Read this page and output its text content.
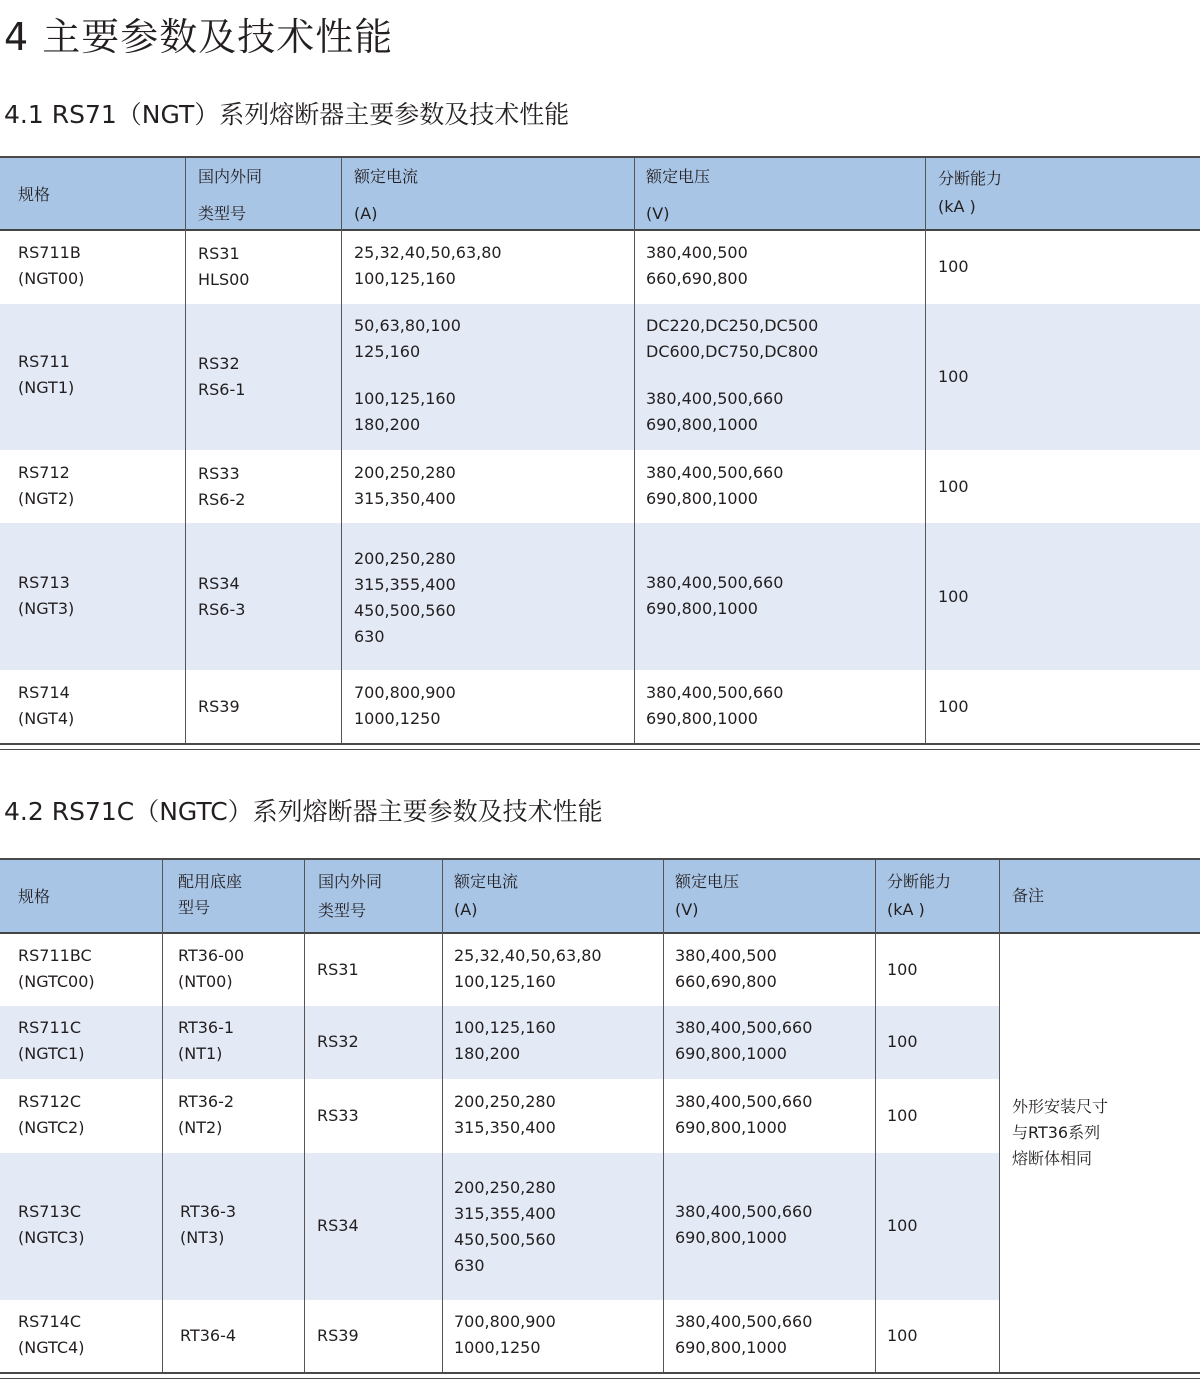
4 主要参数及技术性能
4.1 RS71（NGT）系列熔断器主要参数及技术性能
规格
国内外同
类型号
额定电流
(A)
额定电压
(V)
分断能力
(kA )
RS711B
(NGT00)
RS31
HLS00
25,32,40,50,63,80
100,125,160
380,400,500
660,690,800
100
RS711
(NGT1)
RS32
RS6-1
50,63,80,100
125,160
100,125,160
180,200
DC220,DC250,DC500
DC600,DC750,DC800
380,400,500,660
690,800,1000
100
RS712
(NGT2)
RS33
RS6-2
200,250,280
315,350,400
380,400,500,660
690,800,1000
100
RS713
(NGT3)
RS34
RS6-3
200,250,280
315,355,400
450,500,560
630
380,400,500,660
690,800,1000
100
RS714
(NGT4)
RS39
700,800,900
1000,1250
380,400,500,660
690,800,1000
100
4.2 RS71C（NGTC）系列熔断器主要参数及技术性能
规格
配用底座
型号
国内外同
类型号
额定电流
(A)
额定电压
(V)
分断能力
(kA )
备注
RS711BC
(NGTC00)
RT36-00
(NT00)
RS31
25,32,40,50,63,80
100,125,160
380,400,500
660,690,800
100
RS711C
(NGTC1)
RT36-1
(NT1)
RS32
100,125,160
180,200
380,400,500,660
690,800,1000
100
RS712C
(NGTC2)
RT36-2
(NT2)
RS33
200,250,280
315,350,400
380,400,500,660
690,800,1000
100
RS713C
(NGTC3)
RT36-3
(NT3)
RS34
200,250,280
315,355,400
450,500,560
630
380,400,500,660
690,800,1000
100
RS714C
(NGTC4)
RT36-4	RS39
700,800,900
1000,1250
380,400,500,660
690,800,1000
100
外形安装尺寸
与RT36系列
熔断体相同
